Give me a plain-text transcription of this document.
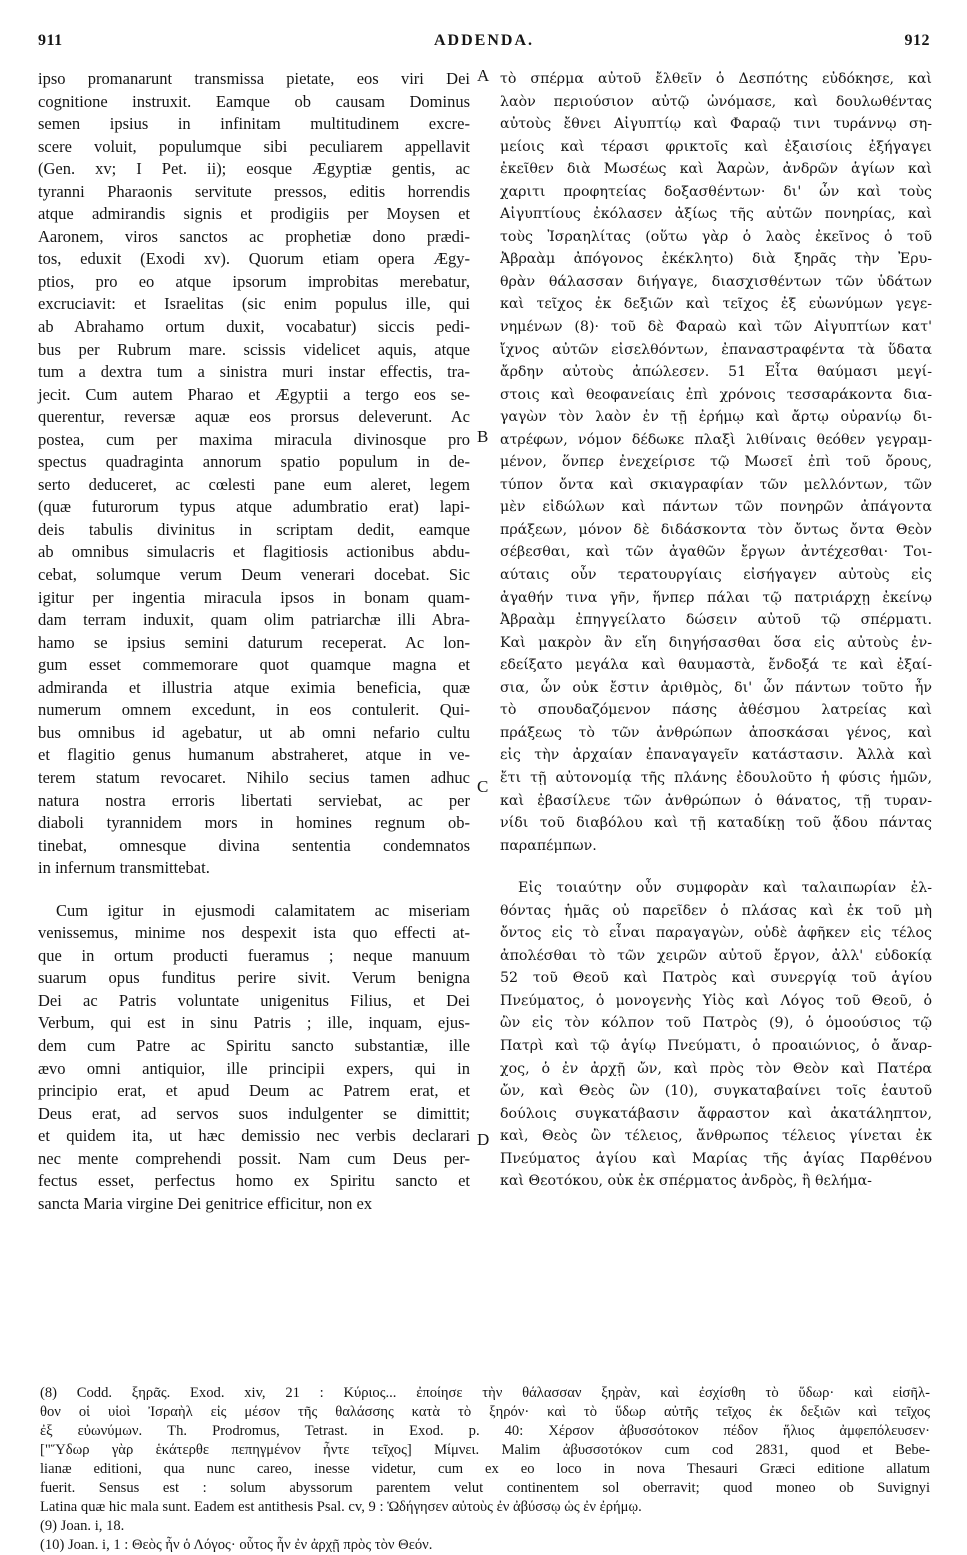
911	ADDENDA.	912
ipso promanarunt transmissa pietate, eos viri Dei
cognitione instruxit. Eamque ob causam Dominus
semen ipsius in infinitam multitudinem excre-
scere voluit, populumque sibi peculiarem appellavit
(Gen. xv; I Pet. ii); eosque Ægyptiæ gentis, ac
tyranni Pharaonis servitute pressos, editis horrendis
atque admirandis signis et prodigiis per Moysen et
Aaronem, viros sanctos ac prophetiæ dono prædi-
tos, eduxit (Exodi xv). Quorum etiam opera Ægy-
ptios, pro eo atque ipsorum improbitas merebatur,
excruciavit: et Israelitas (sic enim populus ille, qui
ab Abrahamo ortum duxit, vocabatur) siccis pedi-
bus per Rubrum mare. scissis videlicet aquis, atque
tum a dextra tum a sinistra muri instar effectis, tra-
jecit. Cum autem Pharao et Ægyptii a tergo eos se-
querentur, reversæ aquæ eos prorsus deleverunt. Ac
postea, cum per maxima miracula divinosque pro
spectus quadraginta annorum spatio populum in de-
serto deduceret, ac cœlesti pane eum aleret, legem
(quæ futurorum typus atque adumbratio erat) lapi-
deis tabulis divinitus in scriptam dedit, eamque
ab omnibus simulacris et flagitiosis actionibus abdu-
cebat, solumque verum Deum venerari docebat. Sic
igitur per ingentia miracula ipsos in bonam quam-
dam terram induxit, quam olim patriarchæ illi Abra-
hamo se ipsius semini daturum receperat. Ac lon-
gum esset commemorare quot quamque magna et
admiranda et illustria atque eximia beneficia, quæ
numerum omnem excedunt, in eos contulerit. Qui-
bus omnibus id agebatur, ut ab omni nefario cultu
et flagitio genus humanum abstraheret, atque in ve-
terem statum revocaret. Nihilo secius tamen adhuc
natura nostra erroris libertati serviebat, ac per
diaboli tyrannidem mors in homines regnum ob-
tinebat, omnesque divina sententia condemnatos
in infernum transmittebat.
Cum igitur in ejusmodi calamitatem ac miseriam
venissemus, minime nos despexit ista quo effecti at-
que in ortum producti fueramus ; neque manuum
suarum opus funditus perire sivit. Verum benigna
Dei ac Patris voluntate unigenitus Filius, et Dei
Verbum, qui est in sinu Patris ; ille, inquam, ejus-
dem cum Patre ac Spiritu sancto substantiæ, ille
ævo omni antiquior, ille principii expers, qui in
principio erat, et apud Deum ac Patrem erat, et
Deus erat, ad servos suos indulgenter se dimittit;
et quidem ita, ut hæc demissio nec verbis declarari
nec mente comprehendi possit. Nam cum Deus per-
fectus esset, perfectus homo ex Spiritu sancto et
sancta Maria virgine Dei genitrice efficitur, non ex
τὸ σπέρμα αὐτοῦ ἔλθεῖν ὁ Δεσπότης εὐδόκησε, καὶ
λαὸν περιούσιον αὐτῷ ὠνόμασε, καὶ δουλωθέντας
αὐτοὺς ἔθνει Αἰγυπτίῳ καὶ Φαραῷ τινι τυράννῳ ση-
μείοις καὶ τέρασι φρικτοῖς καὶ ἐξαισίοις ἐξήγαγει
ἐκεῖθεν διὰ Μωσέως καὶ Ἀαρὼν, ἀνδρῶν ἁγίων καὶ
χαριτι προφητείας δοξασθέντων· δι' ὧν καὶ τοὺς
Αἰγυπτίους ἐκόλασεν ἀξίως τῆς αὐτῶν πονηρίας, καὶ
τοὺς Ἰσραηλίτας (οὕτω γὰρ ὁ λαὸς ἐκεῖνος ὁ τοῦ
Ἀβραὰμ ἀπόγονος ἐκέκλητο) διὰ ξηρᾶς τὴν Ἐρυ-
θρὰν θάλασσαν διήγαγε, διασχισθέντων τῶν ὑδάτων
καὶ τεῖχος ἐκ δεξιῶν καὶ τεῖχος ἐξ εὐωνύμων γεγε-
νημένων (8)· τοῦ δὲ Φαραὼ καὶ τῶν Αἰγυπτίων κατ'
ἴχνος αὐτῶν εἰσελθόντων, ἐπαναστραφέντα τὰ ὕδατα
ἄρδην αὐτοὺς ἀπώλεσεν. 51 Εἶτα θαύμασι μεγί-
στοις καὶ θεοφανείαις ἐπὶ χρόνοις τεσσαράκοντα δια-
γαγὼν τὸν λαὸν ἐν τῇ ἐρήμῳ καὶ ἄρτῳ οὐρανίῳ δι-
ατρέφων, νόμον δέδωκε πλαξὶ λιθίναις θεόθεν γεγραμ-
μένον, ὅνπερ ἐνεχείρισε τῷ Μωσεῖ ἐπὶ τοῦ ὄρους,
τύπον ὄντα καὶ σκιαγραφίαν τῶν μελλόντων, τῶν
μὲν εἰδώλων καὶ πάντων τῶν πονηρῶν ἀπάγοντα
πράξεων, μόνον δὲ διδάσκοντα τὸν ὄντως ὄντα Θεὸν
σέβεσθαι, καὶ τῶν ἀγαθῶν ἔργων ἀντέχεσθαι· Τοι-
αύταις οὖν τερατουργίαις εἰσήγαγεν αὐτοὺς εἰς
ἀγαθήν τινα γῆν, ἥνπερ πάλαι τῷ πατριάρχῃ ἐκείνῳ
Ἀβραὰμ ἐπηγγείλατο δώσειν αὐτοῦ τῷ σπέρματι.
Καὶ μακρὸν ἂν εἴη διηγήσασθαι ὅσα εἰς αὐτοὺς ἐν-
εδείξατο μεγάλα καὶ θαυμαστὰ, ἔνδοξά τε καὶ ἐξαί-
σια, ὧν οὐκ ἔστιν ἀριθμὸς, δι' ὧν πάντων τοῦτο ἦν
τὸ σπουδαζόμενον πάσης ἀθέσμου λατρείας καὶ
πράξεως τὸ τῶν ἀνθρώπων ἀποσκάσαι γένος, καὶ
εἰς τὴν ἀρχαίαν ἐπαναγαγεῖν κατάστασιν. Ἀλλὰ καὶ
ἔτι τῇ αὐτονομίᾳ τῆς πλάνης ἐδουλοῦτο ἡ φύσις ἡμῶν,
καὶ ἐβασίλευε τῶν ἀνθρώπων ὁ θάνατος, τῇ τυραν-
νίδι τοῦ διαβόλου καὶ τῇ καταδίκῃ τοῦ ᾅδου πάντας
παραπέμπων.
Εἰς τοιαύτην οὖν συμφορὰν καὶ ταλαιπωρίαν ἐλ-
θόντας ἡμᾶς οὐ παρεῖδεν ὁ πλάσας καὶ ἐκ τοῦ μὴ
ὄντος εἰς τὸ εἶναι παραγαγὼν, οὐδὲ ἀφῆκεν εἰς τέλος
ἀπολέσθαι τὸ τῶν χειρῶν αὐτοῦ ἔργον, ἀλλ' εὐδοκίᾳ
52 τοῦ Θεοῦ καὶ Πατρὸς καὶ συνεργίᾳ τοῦ ἁγίου
Πνεύματος, ὁ μονογενὴς Υἱὸς καὶ Λόγος τοῦ Θεοῦ, ὁ
ὢν εἰς τὸν κόλπον τοῦ Πατρὸς (9), ὁ ὁμοούσιος τῷ
Πατρὶ καὶ τῷ ἁγίῳ Πνεύματι, ὁ προαιώνιος, ὁ ἄναρ-
χος, ὁ ἐν ἀρχῇ ὤν, καὶ πρὸς τὸν Θεὸν καὶ Πατέρα
ὤν, καὶ Θεὸς ὢν (10), συγκαταβαίνει τοῖς ἑαυτοῦ
δούλοις συγκατάβασιν ἄφραστον καὶ ἀκατάληπτον,
καὶ, Θεὸς ὢν τέλειος, ἄνθρωπος τέλειος γίνεται ἐκ
Πνεύματος ἁγίου καὶ Μαρίας τῆς ἁγίας Παρθένου
καὶ Θεοτόκου, οὐκ ἐκ σπέρματος ἀνδρὸς, ἢ θελήμα-
A
B
C
D
(8) Codd. ξηρᾶς. Exod. xiv, 21 : Κύριος... ἐποίησε τὴν θάλασσαν ξηρὰν, καὶ ἐσχίσθη τὸ ὕδωρ· καὶ εἰσῆλ-
θον οἱ υἱοὶ Ἰσραὴλ εἰς μέσον τῆς θαλάσσης κατὰ τὸ ξηρόν· καὶ τὸ ὕδωρ αὐτῆς τεῖχος ἐκ δεξιῶν καὶ τεῖχος
ἐξ εὐωνύμων. Th. Prodromus, Tetrast. in Exod. p. 40: Χέρσον ἀβυσσότοκον πέδον ἥλιος ἀμφεπόλευσεν·
["Ὕδωρ γὰρ ἑκάτερθε πεπηγμένον ἦντε τεῖχος] Μίμνει. Malim ἀβυσσοτόκον cum cod 2831, quod et Bebe-
lianæ editioni, qua nunc careo, inesse videtur, cum ex eo loco in nova Thesauri Græci editione allatum
fuerit. Sensus est : solum abyssorum parentem velut continentem sol oberravit; quod moneo ob Suvignyi
Latina quæ hic mala sunt. Eadem est antithesis Psal. cv, 9 : Ὡδήγησεν αὐτοὺς ἐν ἀβύσσῳ ὡς ἐν ἐρήμῳ.
(9) Joan. i, 18.
(10) Joan. i, 1 : Θεὸς ἦν ὁ Λόγος· οὗτος ἦν ἐν ἀρχῇ πρὸς τὸν Θεόν.
